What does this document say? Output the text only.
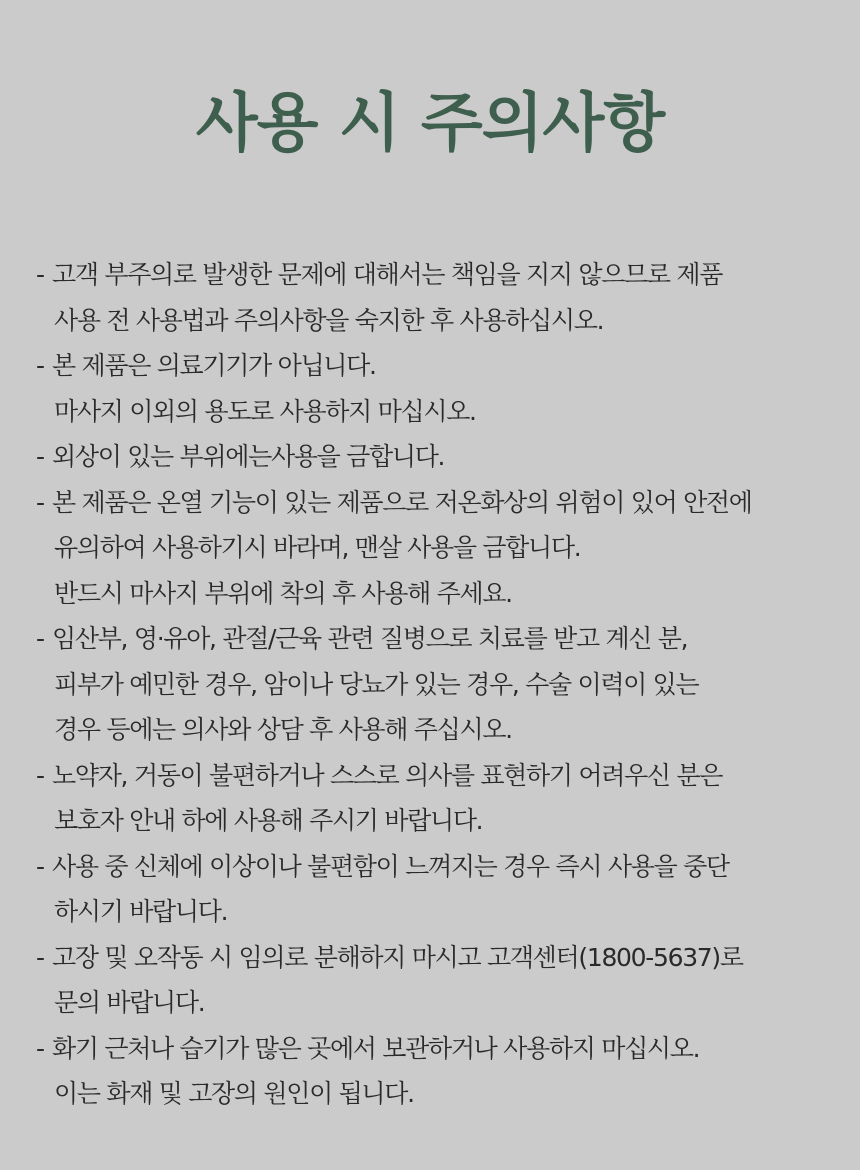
사용 시 주의사항
- 고객 부주의로 발생한 문제에 대해서는 책임을 지지 않으므로 제품
사용 전 사용법과 주의사항을 숙지한 후 사용하십시오.
- 본 제품은 의료기기가 아닙니다.
마사지 이외의 용도로 사용하지 마십시오.
- 외상이 있는 부위에는사용을 금합니다.
- 본 제품은 온열 기능이 있는 제품으로 저온화상의 위험이 있어 안전에
유의하여 사용하기시 바라며, 맨살 사용을 금합니다.
반드시 마사지 부위에 착의 후 사용해 주세요.
- 임산부, 영·유아, 관절/근육 관련 질병으로 치료를 받고 계신 분,
피부가 예민한 경우, 암이나 당뇨가 있는 경우, 수술 이력이 있는
경우 등에는 의사와 상담 후 사용해 주십시오.
- 노약자, 거동이 불편하거나 스스로 의사를 표현하기 어려우신 분은
보호자 안내 하에 사용해 주시기 바랍니다.
- 사용 중 신체에 이상이나 불편함이 느껴지는 경우 즉시 사용을 중단
하시기 바랍니다.
- 고장 및 오작동 시 임의로 분해하지 마시고 고객센터(1800-5637)로
문의 바랍니다.
- 화기 근처나 습기가 많은 곳에서 보관하거나 사용하지 마십시오.
이는 화재 및 고장의 원인이 됩니다.
